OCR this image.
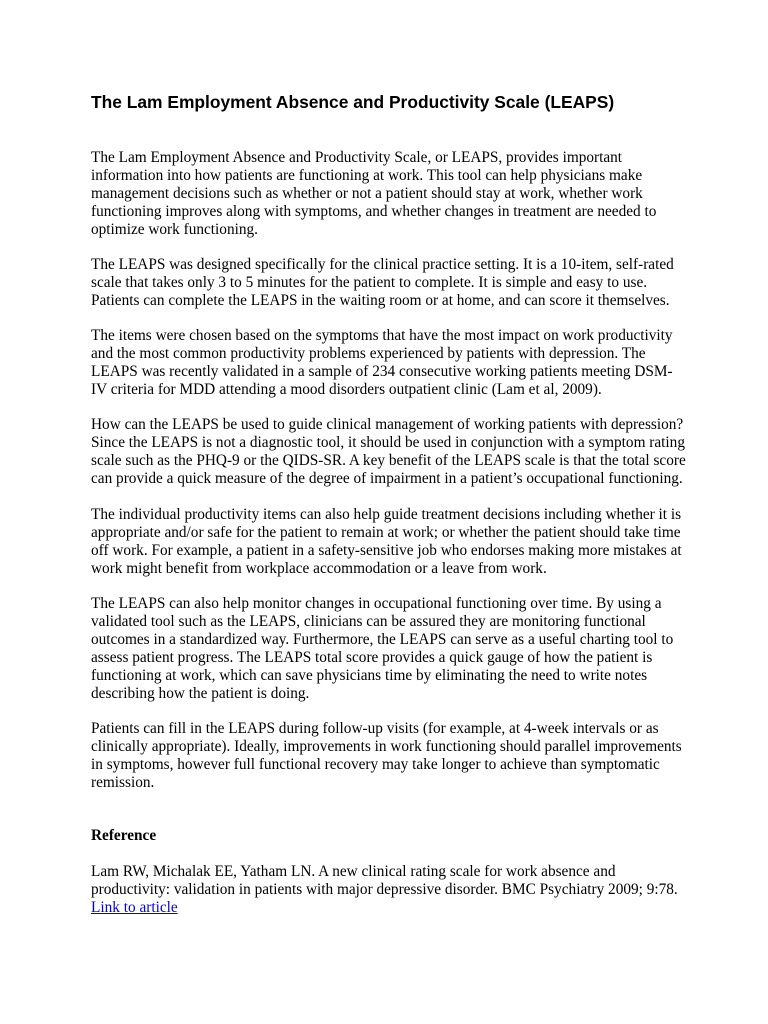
The Lam Employment Absence and Productivity Scale (LEAPS)

The Lam Employment Absence and Productivity Scale, or LEAPS, provides important
information into how patients are functioning at work. This tool can help physicians make
management decisions such as whether or not a patient should stay at work, whether work
functioning improves along with symptoms, and whether changes in treatment are needed to
optimize work functioning.

The LEAPS was designed specifically for the clinical practice setting. It is a 10-item, self-rated
scale that takes only 3 to 5 minutes for the patient to complete. It is simple and easy to use.
Patients can complete the LEAPS in the waiting room or at home, and can score it themselves.

The items were chosen based on the symptoms that have the most impact on work productivity
and the most common productivity problems experienced by patients with depression. The
LEAPS was recently validated in a sample of 234 consecutive working patients meeting DSM-
IV criteria for MDD attending a mood disorders outpatient clinic (Lam et al, 2009).

How can the LEAPS be used to guide clinical management of working patients with depression?
Since the LEAPS is not a diagnostic tool, it should be used in conjunction with a symptom rating
scale such as the PHQ-9 or the QIDS-SR. A key benefit of the LEAPS scale is that the total score
can provide a quick measure of the degree of impairment in a patient’s occupational functioning.

The individual productivity items can also help guide treatment decisions including whether it is
appropriate and/or safe for the patient to remain at work; or whether the patient should take time
off work. For example, a patient in a safety-sensitive job who endorses making more mistakes at
work might benefit from workplace accommodation or a leave from work.

The LEAPS can also help monitor changes in occupational functioning over time. By using a
validated tool such as the LEAPS, clinicians can be assured they are monitoring functional
outcomes in a standardized way. Furthermore, the LEAPS can serve as a useful charting tool to
assess patient progress. The LEAPS total score provides a quick gauge of how the patient is
functioning at work, which can save physicians time by eliminating the need to write notes
describing how the patient is doing.

Patients can fill in the LEAPS during follow-up visits (for example, at 4-week intervals or as
clinically appropriate). Ideally, improvements in work functioning should parallel improvements
in symptoms, however full functional recovery may take longer to achieve than symptomatic
remission.

Reference

Lam RW, Michalak EE, Yatham LN. A new clinical rating scale for work absence and
productivity: validation in patients with major depressive disorder. BMC Psychiatry 2009; 9:78.
Link to article
